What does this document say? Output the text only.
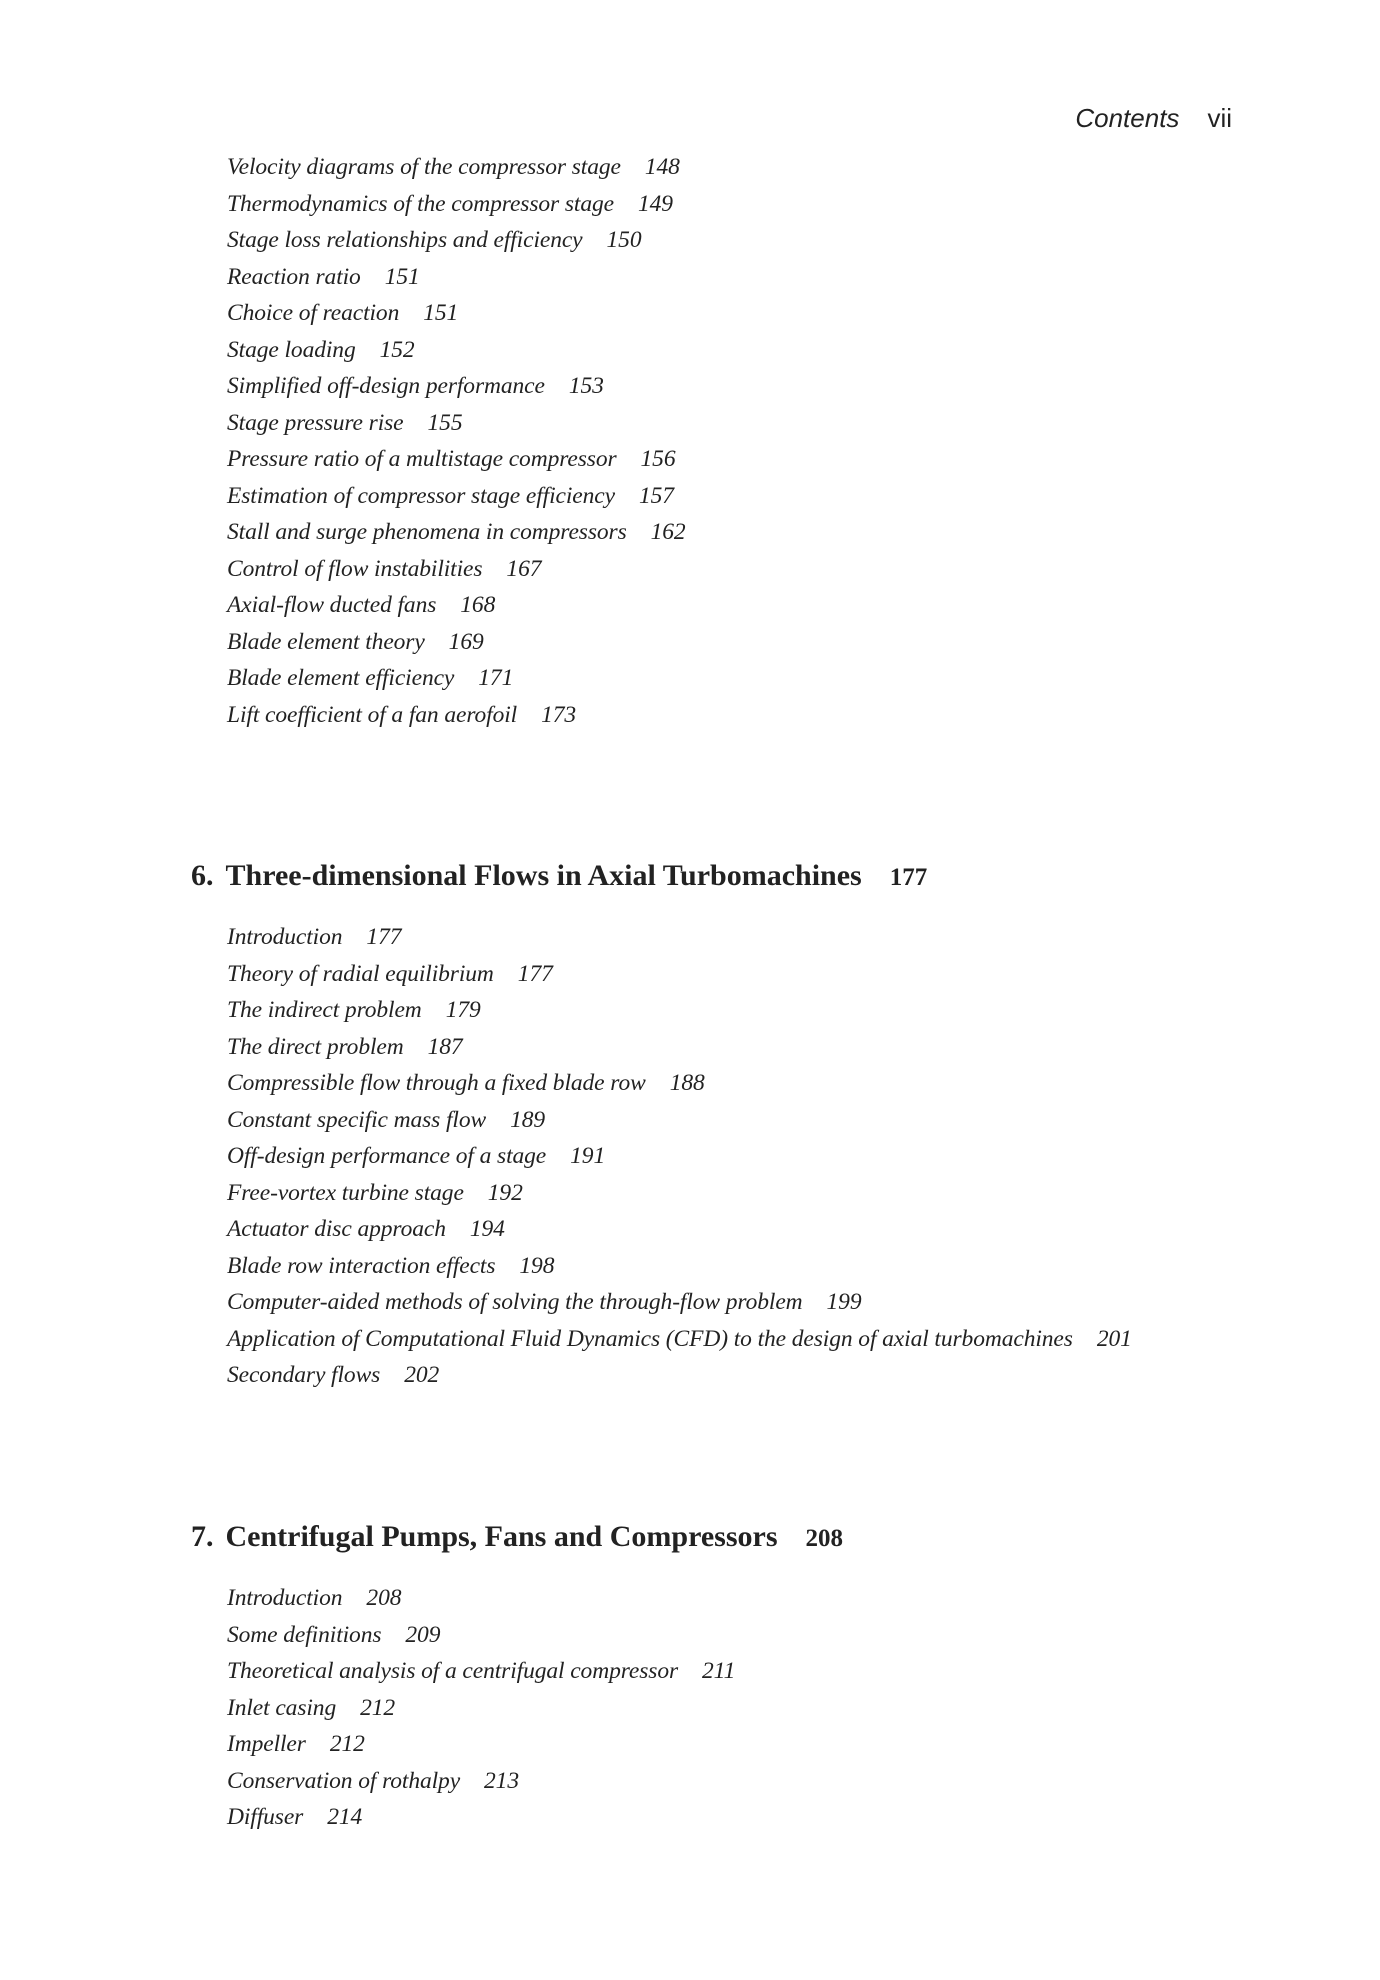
Contents vii
Velocity diagrams of the compressor stage 148
Thermodynamics of the compressor stage 149
Stage loss relationships and efficiency 150
Reaction ratio 151
Choice of reaction 151
Stage loading 152
Simplified off-design performance 153
Stage pressure rise 155
Pressure ratio of a multistage compressor 156
Estimation of compressor stage efficiency 157
Stall and surge phenomena in compressors 162
Control of flow instabilities 167
Axial-flow ducted fans 168
Blade element theory 169
Blade element efficiency 171
Lift coefficient of a fan aerofoil 173
6. Three-dimensional Flows in Axial Turbomachines 177
Introduction 177
Theory of radial equilibrium 177
The indirect problem 179
The direct problem 187
Compressible flow through a fixed blade row 188
Constant specific mass flow 189
Off-design performance of a stage 191
Free-vortex turbine stage 192
Actuator disc approach 194
Blade row interaction effects 198
Computer-aided methods of solving the through-flow problem 199
Application of Computational Fluid Dynamics (CFD) to the design of axial turbomachines 201
Secondary flows 202
7. Centrifugal Pumps, Fans and Compressors 208
Introduction 208
Some definitions 209
Theoretical analysis of a centrifugal compressor 211
Inlet casing 212
Impeller 212
Conservation of rothalpy 213
Diffuser 214
